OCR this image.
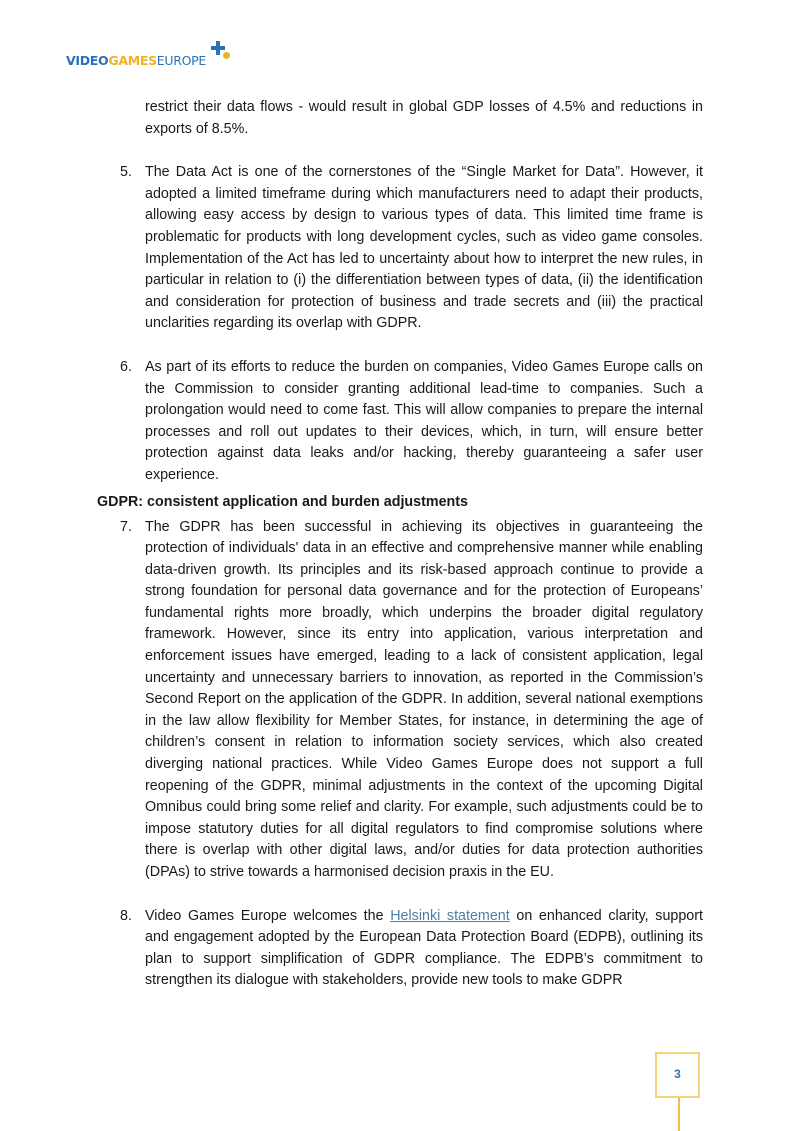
VIDEOGAMESEUROPE

restrict their data flows - would result in global GDP losses of 4.5% and reductions in exports of 8.5%.

5. The Data Act is one of the cornerstones of the “Single Market for Data”. However, it adopted a limited timeframe during which manufacturers need to adapt their products, allowing easy access by design to various types of data. This limited time frame is problematic for products with long development cycles, such as video game consoles. Implementation of the Act has led to uncertainty about how to interpret the new rules, in particular in relation to (i) the differentiation between types of data, (ii) the identification and consideration for protection of business and trade secrets and (iii) the practical unclarities regarding its overlap with GDPR.

6. As part of its efforts to reduce the burden on companies, Video Games Europe calls on the Commission to consider granting additional lead-time to companies. Such a prolongation would need to come fast. This will allow companies to prepare the internal processes and roll out updates to their devices, which, in turn, will ensure better protection against data leaks and/or hacking, thereby guaranteeing a safer user experience.

GDPR: consistent application and burden adjustments

7. The GDPR has been successful in achieving its objectives in guaranteeing the protection of individuals' data in an effective and comprehensive manner while enabling data-driven growth. Its principles and its risk-based approach continue to provide a strong foundation for personal data governance and for the protection of Europeans’ fundamental rights more broadly, which underpins the broader digital regulatory framework. However, since its entry into application, various interpretation and enforcement issues have emerged, leading to a lack of consistent application, legal uncertainty and unnecessary barriers to innovation, as reported in the Commission’s Second Report on the application of the GDPR. In addition, several national exemptions in the law allow flexibility for Member States, for instance, in determining the age of children’s consent in relation to information society services, which also created diverging national practices. While Video Games Europe does not support a full reopening of the GDPR, minimal adjustments in the context of the upcoming Digital Omnibus could bring some relief and clarity. For example, such adjustments could be to impose statutory duties for all digital regulators to find compromise solutions where there is overlap with other digital laws, and/or duties for data protection authorities (DPAs) to strive towards a harmonised decision praxis in the EU.

8. Video Games Europe welcomes the Helsinki statement on enhanced clarity, support and engagement adopted by the European Data Protection Board (EDPB), outlining its plan to support simplification of GDPR compliance. The EDPB’s commitment to strengthen its dialogue with stakeholders, provide new tools to make GDPR

3
